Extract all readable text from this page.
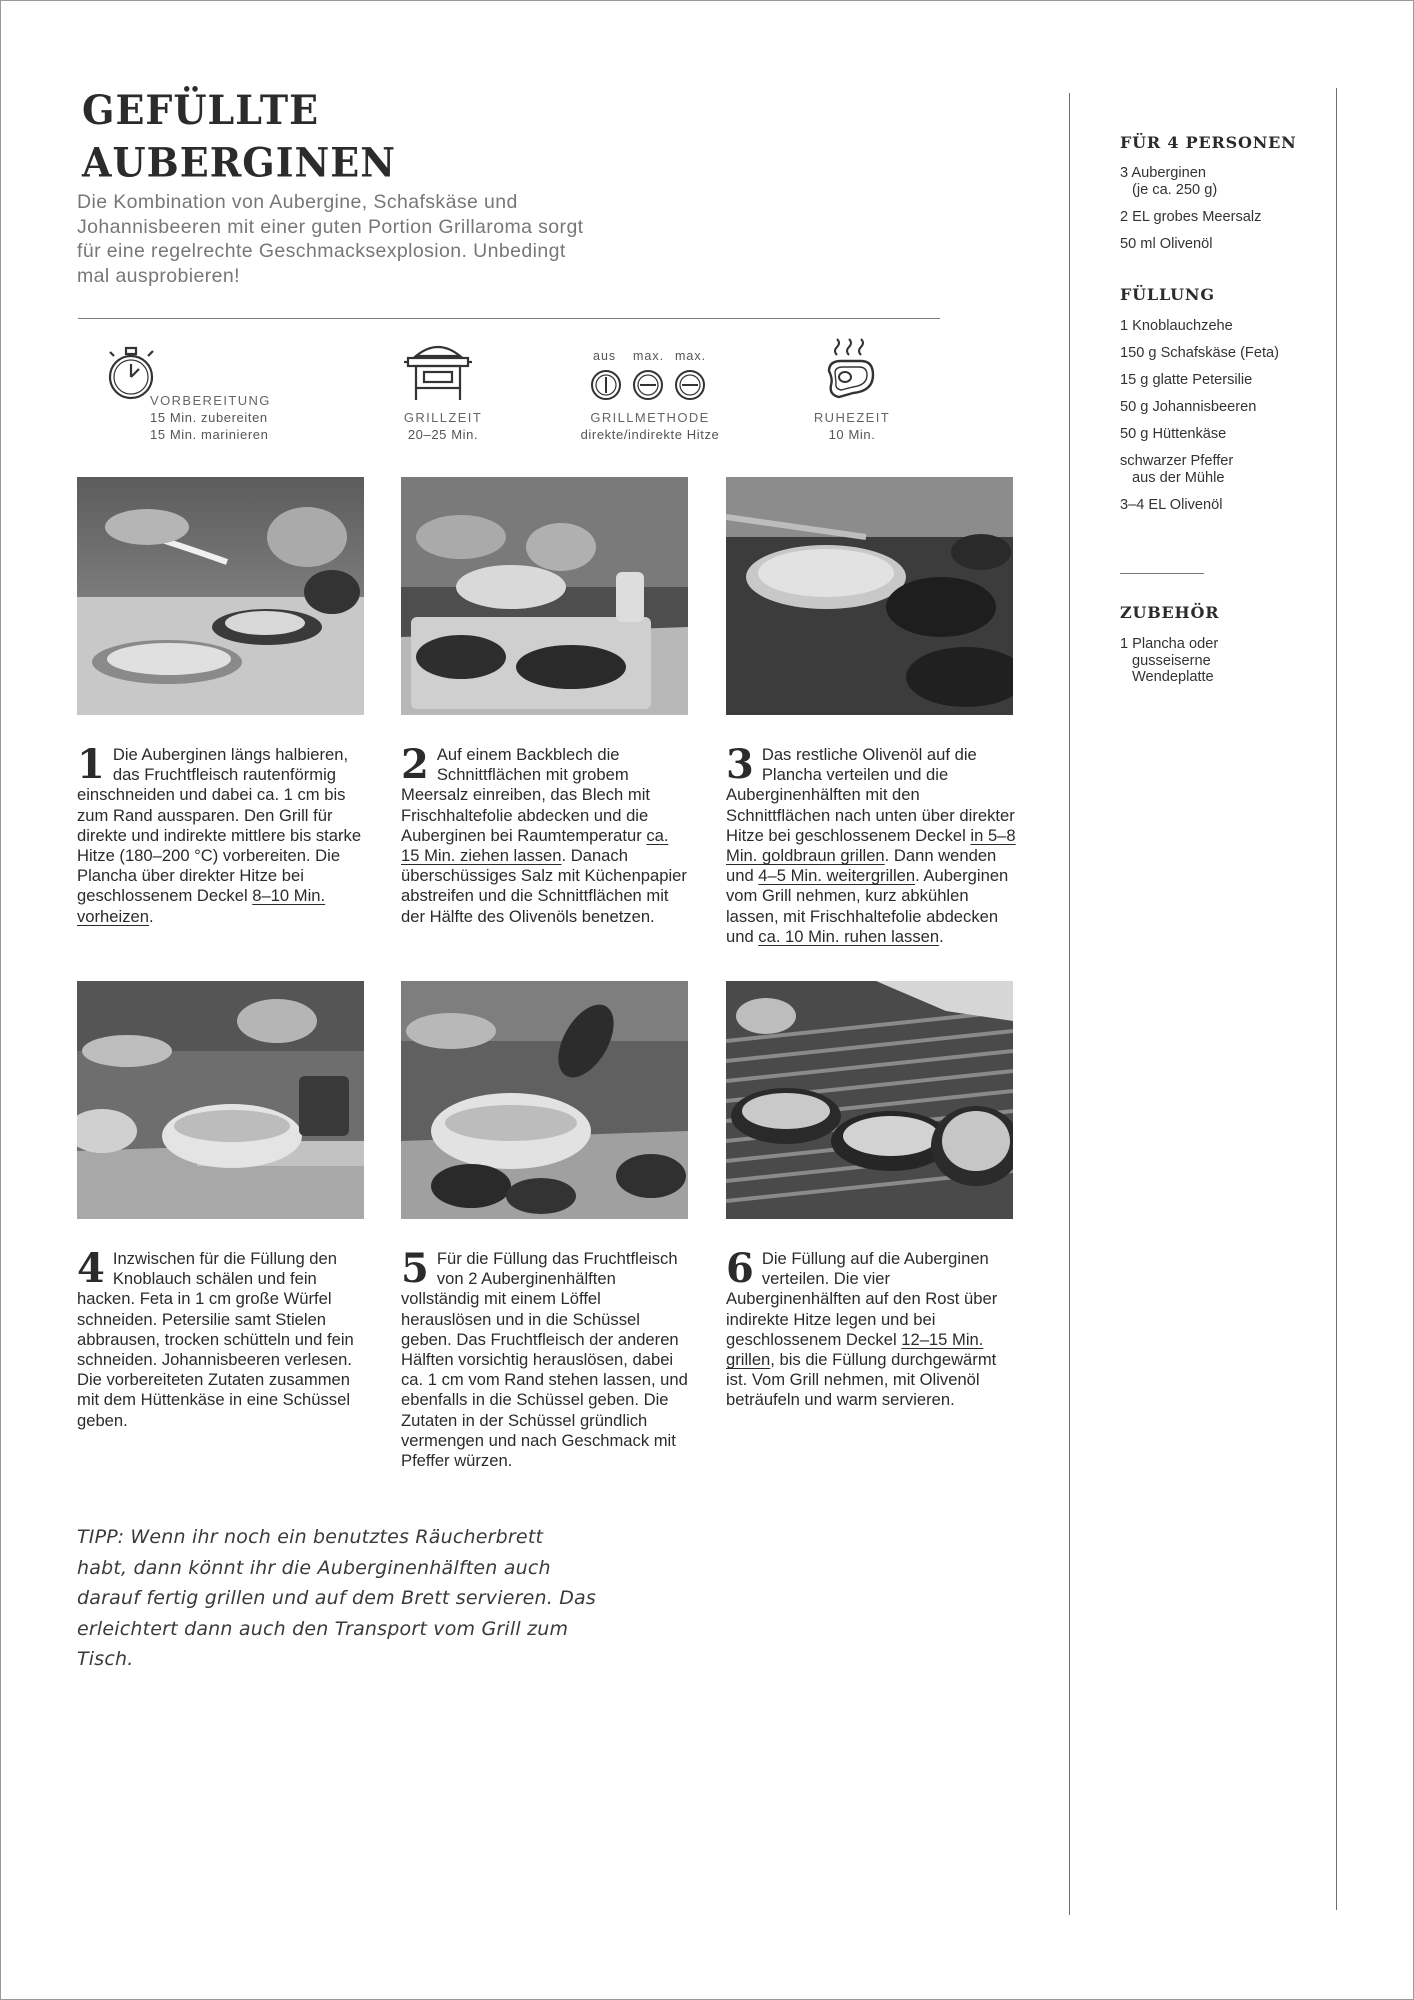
GEFÜLLTE
AUBERGINEN
Die Kombination von Aubergine, Schafskäse und Johannisbeeren mit einer guten Portion Grillaroma sorgt für eine regelrechte Geschmacksexplosion. Unbedingt mal ausprobieren!
VORBEREITUNG
15 Min. zubereiten
15 Min. marinieren
GRILLZEIT
20–25 Min.
aus max. max.
GRILLMETHODE
direkte/indirekte Hitze
RUHEZEIT
10 Min.
1 Die Auberginen längs halbieren, das Fruchtfleisch rautenförmig einschneiden und dabei ca. 1 cm bis zum Rand aussparen. Den Grill für direkte und indirekte mittlere bis starke Hitze (180–200 °C) vorbereiten. Die Plancha über direkter Hitze bei geschlossenem Deckel 8–10 Min. vorheizen.
2 Auf einem Backblech die Schnittflächen mit grobem Meersalz einreiben, das Blech mit Frischhaltefolie abdecken und die Auberginen bei Raumtemperatur ca. 15 Min. ziehen lassen. Danach überschüssiges Salz mit Küchenpapier abstreifen und die Schnittflächen mit der Hälfte des Olivenöls benetzen.
3 Das restliche Olivenöl auf die Plancha verteilen und die Auberginenhälften mit den Schnittflächen nach unten über direkter Hitze bei geschlossenem Deckel in 5–8 Min. goldbraun grillen. Dann wenden und 4–5 Min. weitergrillen. Auberginen vom Grill nehmen, kurz abkühlen lassen, mit Frischhaltefolie abdecken und ca. 10 Min. ruhen lassen.
4 Inzwischen für die Füllung den Knoblauch schälen und fein hacken. Feta in 1 cm große Würfel schneiden. Petersilie samt Stielen abbrausen, trocken schütteln und fein schneiden. Johannisbeeren verlesen. Die vorbereiteten Zutaten zusammen mit dem Hüttenkäse in eine Schüssel geben.
5 Für die Füllung das Fruchtfleisch von 2 Auberginenhälften vollständig mit einem Löffel herauslösen und in die Schüssel geben. Das Fruchtfleisch der anderen Hälften vorsichtig herauslösen, dabei ca. 1 cm vom Rand stehen lassen, und ebenfalls in die Schüssel geben. Die Zutaten in der Schüssel gründlich vermengen und nach Geschmack mit Pfeffer würzen.
6 Die Füllung auf die Auberginen verteilen. Die vier Auberginenhälften auf den Rost über indirekte Hitze legen und bei geschlossenem Deckel 12–15 Min. grillen, bis die Füllung durchgewärmt ist. Vom Grill nehmen, mit Olivenöl beträufeln und warm servieren.
TIPP: Wenn ihr noch ein benutztes Räucherbrett habt, dann könnt ihr die Auberginenhälften auch darauf fertig grillen und auf dem Brett servieren. Das erleichtert dann auch den Transport vom Grill zum Tisch.
FÜR 4 PERSONEN
3 Auberginen
(je ca. 250 g)
2 EL grobes Meersalz
50 ml Olivenöl
FÜLLUNG
1 Knoblauchzehe
150 g Schafskäse (Feta)
15 g glatte Petersilie
50 g Johannisbeeren
50 g Hüttenkäse
schwarzer Pfeffer
aus der Mühle
3–4 EL Olivenöl
ZUBEHÖR
1 Plancha oder
gusseiserne
Wendeplatte
